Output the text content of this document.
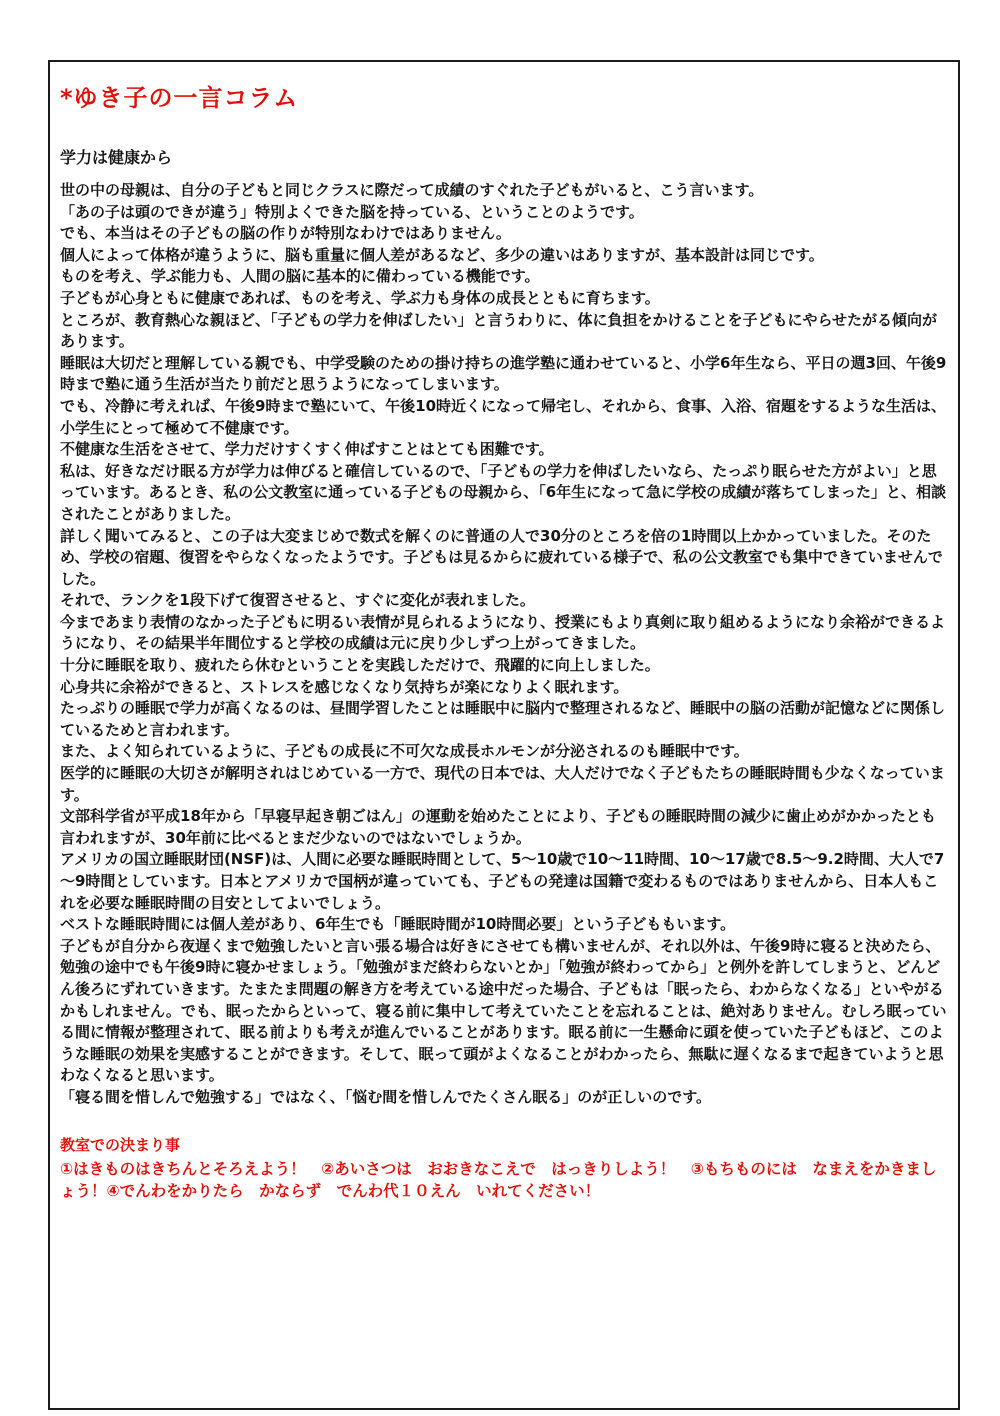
*ゆき子の一言コラム
学力は健康から

世の中の母親は、自分の子どもと同じクラスに際だって成績のすぐれた子どもがいると、こう言います。

「あの子は頭のできが違う」特別よくできた脳を持っている、ということのようです。

でも、本当はその子どもの脳の作りが特別なわけではありません。

個人によって体格が違うように、脳も重量に個人差があるなど、多少の違いはありますが、基本設計は同じです。

ものを考え、学ぶ能力も、人間の脳に基本的に備わっている機能です。

子どもが心身ともに健康であれば、ものを考え、学ぶ力も身体の成長とともに育ちます。

ところが、教育熱心な親ほど、「子どもの学力を伸ばしたい」と言うわりに、体に負担をかけることを子どもにやらせたがる傾向があります。

睡眠は大切だと理解している親でも、中学受験のための掛け持ちの進学塾に通わせていると、小学6年生なら、平日の週3回、午後9時まで塾に通う生活が当たり前だと思うようになってしまいます。

でも、冷静に考えれば、午後9時まで塾にいて、午後10時近くになって帰宅し、それから、食事、入浴、宿題をするような生活は、小学生にとって極めて不健康です。

不健康な生活をさせて、学力だけすくすく伸ばすことはとても困難です。

私は、好きなだけ眠る方が学力は伸びると確信しているので、「子どもの学力を伸ばしたいなら、たっぷり眠らせた方がよい」と思っています。あるとき、私の公文教室に通っている子どもの母親から、「6年生になって急に学校の成績が落ちてしまった」と、相談されたことがありました。

詳しく聞いてみると、この子は大変まじめで数式を解くのに普通の人で30分のところを倍の1時間以上かかっていました。そのため、学校の宿題、復習をやらなくなったようです。子どもは見るからに疲れている様子で、私の公文教室でも集中できていませんでした。

それで、ランクを1段下げて復習させると、すぐに変化が表れました。

今まであまり表情のなかった子どもに明るい表情が見られるようになり、授業にもより真剣に取り組めるようになり余裕ができるようになり、その結果半年間位すると学校の成績は元に戻り少しずつ上がってきました。

十分に睡眠を取り、疲れたら休むということを実践しただけで、飛躍的に向上しました。

心身共に余裕ができると、ストレスを感じなくなり気持ちが楽になりよく眠れます。

たっぷりの睡眠で学力が高くなるのは、昼間学習したことは睡眠中に脳内で整理されるなど、睡眠中の脳の活動が記憶などに関係しているためと言われます。

また、よく知られているように、子どもの成長に不可欠な成長ホルモンが分泌されるのも睡眠中です。

医学的に睡眠の大切さが解明されはじめている一方で、現代の日本では、大人だけでなく子どもたちの睡眠時間も少なくなっています。

文部科学省が平成18年から「早寝早起き朝ごはん」の運動を始めたことにより、子どもの睡眠時間の減少に歯止めがかかったとも言われますが、30年前に比べるとまだ少ないのではないでしょうか。

アメリカの国立睡眠財団(NSF)は、人間に必要な睡眠時間として、5～10歳で10～11時間、10～17歳で8.5～9.2時間、大人で7～9時間としています。日本とアメリカで国柄が違っていても、子どもの発達は国籍で変わるものではありませんから、日本人もこれを必要な睡眠時間の目安としてよいでしょう。

ベストな睡眠時間には個人差があり、6年生でも「睡眠時間が10時間必要」という子どももいます。

子どもが自分から夜遅くまで勉強したいと言い張る場合は好きにさせても構いませんが、それ以外は、午後9時に寝ると決めたら、勉強の途中でも午後9時に寝かせましょう。「勉強がまだ終わらないとか」「勉強が終わってから」と例外を許してしまうと、どんどん後ろにずれていきます。たまたま問題の解き方を考えている途中だった場合、子どもは「眠ったら、わからなくなる」といやがるかもしれません。でも、眠ったからといって、寝る前に集中して考えていたことを忘れることは、絶対ありません。むしろ眠っている間に情報が整理されて、眠る前よりも考えが進んでいることがあります。眠る前に一生懸命に頭を使っていた子どもほど、このような睡眠の効果を実感することができます。そして、眠って頭がよくなることがわかったら、無駄に遅くなるまで起きていようと思わなくなると思います。

「寝る間を惜しんで勉強する」ではなく、「悩む間を惜しんでたくさん眠る」のが正しいのです。

教室での決まり事

①はきものはきちんとそろえよう！　②あいさつは　おおきなこえで　はっきりしよう！　③もちものには　なまえをかきましょう！④でんわをかりたら　かならず　でんわ代１０えん　いれてください！
